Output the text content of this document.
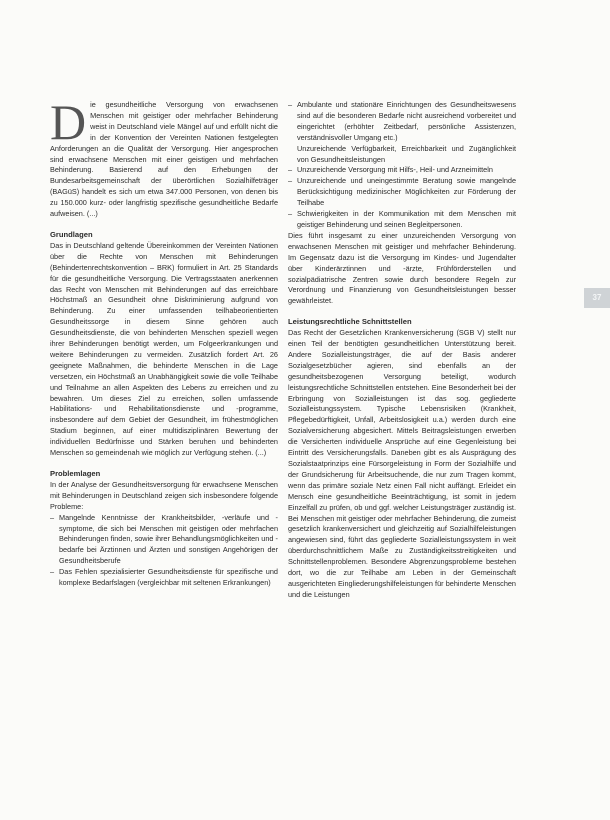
Die gesundheitliche Versorgung von erwachsenen Menschen mit geistiger oder mehrfacher Behinderung weist in Deutschland viele Mängel auf und erfüllt nicht die in der Konvention der Vereinten Nationen festgelegten Anforderungen an die Qualität der Versorgung. Hier angesprochen sind erwachsene Menschen mit einer geistigen und mehrfachen Behinderung. Basierend auf den Erhebungen der Bundesarbeitsgemeinschaft der überörtlichen Sozialhilfeträger (BAGüS) handelt es sich um etwa 347.000 Personen, von denen bis zu 150.000 kurz- oder langfristig spezifische gesundheitliche Bedarfe aufweisen. (...)

Grundlagen

Das in Deutschland geltende Übereinkommen der Vereinten Nationen über die Rechte von Menschen mit Behinderungen (Behindertenrechtskonvention – BRK) formuliert in Art. 25 Standards für die gesundheitliche Versorgung. Die Vertragsstaaten anerkennen das Recht von Menschen mit Behinderungen auf das erreichbare Höchstmaß an Gesundheit ohne Diskriminierung aufgrund von Behinderung. Zu einer umfassenden teilhabeorientierten Gesundheitssorge in diesem Sinne gehören auch Gesundheitsdienste, die von behinderten Menschen speziell wegen ihrer Behinderungen benötigt werden, um Folgeerkrankungen und weitere Behinderungen zu vermeiden. Zusätzlich fordert Art. 26 geeignete Maßnahmen, die behinderte Menschen in die Lage versetzen, ein Höchstmaß an Unabhängigkeit sowie die volle Teilhabe und Teilnahme an allen Aspekten des Lebens zu erreichen und zu bewahren. Um dieses Ziel zu erreichen, sollen umfassende Habilitations- und Rehabilitationsdienste und -programme, insbesondere auf dem Gebiet der Gesundheit, im frühestmöglichen Stadium beginnen, auf einer multidisziplinären Bewertung der individuellen Bedürfnisse und Stärken beruhen und behinderten Menschen so gemeindenah wie möglich zur Verfügung stehen. (...)

Problemlagen

In der Analyse der Gesundheitsversorgung für erwachsene Menschen mit Behinderungen in Deutschland zeigen sich insbesondere folgende Probleme:

– Mangelnde Kenntnisse der Krankheitsbilder, -verläufe und -symptome, die sich bei Menschen mit geistigen oder mehrfachen Behinderungen finden, sowie ihrer Behandlungsmöglichkeiten und -bedarfe bei Ärztinnen und Ärzten und sonstigen Angehörigen der Gesundheitsberufe
– Das Fehlen spezialisierter Gesundheitsdienste für spezifische und komplexe Bedarfslagen (vergleichbar mit seltenen Erkrankungen)
– Ambulante und stationäre Einrichtungen des Gesundheitswesens sind auf die besonderen Bedarfe nicht ausreichend vorbereitet und eingerichtet (erhöhter Zeitbedarf, persönliche Assistenzen, verständnisvoller Umgang etc.)

Unzureichende Verfügbarkeit, Erreichbarkeit und Zugänglichkeit von Gesundheitsleistungen

– Unzureichende Versorgung mit Hilfs-, Heil- und Arzneimitteln
– Unzureichende und uneingestimmte Beratung sowie mangelnde Berücksichtigung medizinischer Möglichkeiten zur Förderung der Teilhabe
– Schwierigkeiten in der Kommunikation mit dem Menschen mit geistiger Behinderung und seinen Begleitpersonen.

Dies führt insgesamt zu einer unzureichenden Versorgung von erwachsenen Menschen mit geistiger und mehrfacher Behinderung. Im Gegensatz dazu ist die Versorgung im Kindes- und Jugendalter über Kinderärztinnen und -ärzte, Frühförderstellen und sozialpädiatrische Zentren sowie durch besondere Regeln zur Verordnung und Finanzierung von Gesundheitsleistungen besser gewährleistet.

Leistungsrechtliche Schnittstellen

Das Recht der Gesetzlichen Krankenversicherung (SGB V) stellt nur einen Teil der benötigten gesundheitlichen Unterstützung bereit. Andere Sozialleistungsträger, die auf der Basis anderer Sozialgesetzbücher agieren, sind ebenfalls an der gesundheitsbezogenen Versorgung beteiligt, wodurch leistungsrechtliche Schnittstellen entstehen. Eine Besonderheit bei der Erbringung von Sozialleistungen ist das sog. gegliederte Sozialleistungssystem. Typische Lebensrisiken (Krankheit, Pflegebedürftigkeit, Unfall, Arbeitslosigkeit u.a.) werden durch eine Sozialversicherung abgesichert. Mittels Beitragsleistungen erwerben die Versicherten individuelle Ansprüche auf eine Gegenleistung bei Eintritt des Versicherungsfalls. Daneben gibt es als Ausprägung des Sozialstaatprinzips eine Fürsorgeleistung in Form der Sozialhilfe und der Grundsicherung für Arbeitsuchende, die nur zum Tragen kommt, wenn das primäre soziale Netz einen Fall nicht auffängt. Erleidet ein Mensch eine gesundheitliche Beeinträchtigung, ist somit in jedem Einzelfall zu prüfen, ob und ggf. welcher Leistungsträger zuständig ist. Bei Menschen mit geistiger oder mehrfacher Behinderung, die zumeist gesetzlich krankenversichert und gleichzeitig auf Sozialhilfeleistungen angewiesen sind, führt das gegliederte Sozialleistungssystem in weit überdurchschnittlichem Maße zu Zuständigkeitsstreitigkeiten und Schnittstellenproblemen. Besondere Abgrenzungsprobleme bestehen dort, wo die zur Teilhabe am Leben in der Gemeinschaft ausgerichteten Eingliederungshilfeleistungen für behinderte Menschen und die Leistungen

37
